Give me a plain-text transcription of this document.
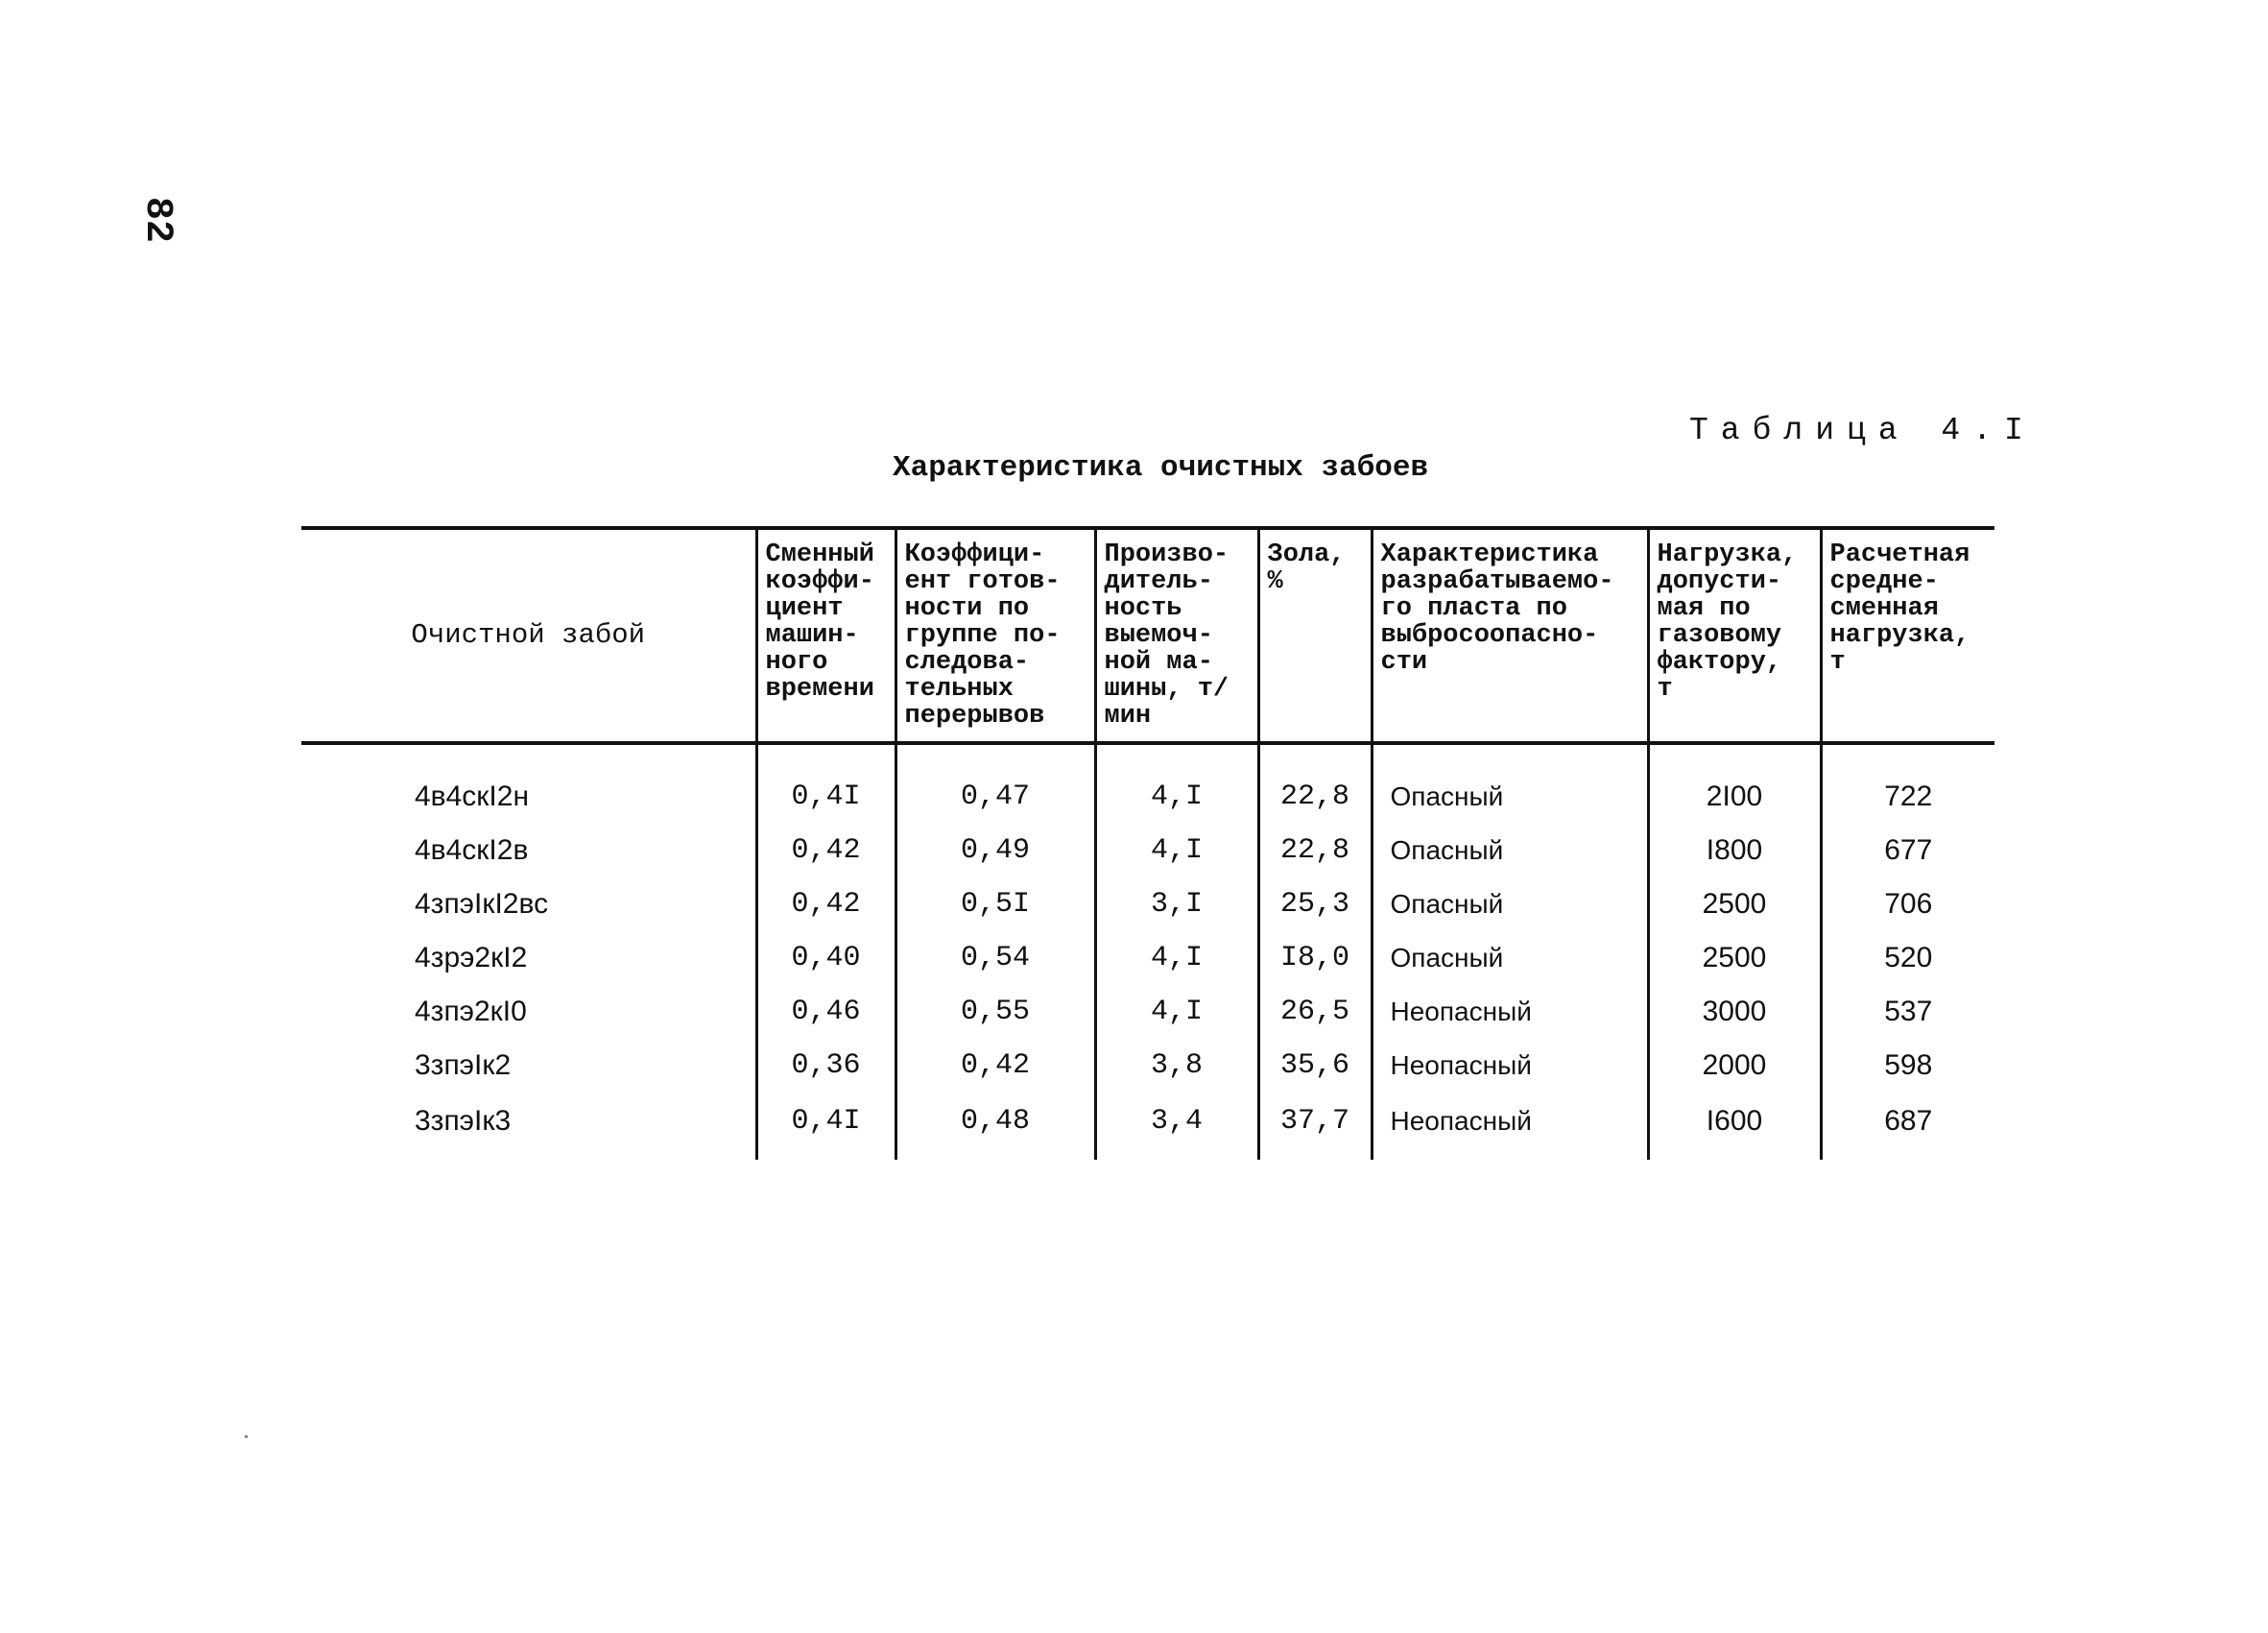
82
Таблица 4.I
Характеристика очистных забоев
Очистной забой	Сменный коэффи- циент машин- ного времени	Коэффици- ент готов- ности по группе по- следова- тельных перерывов	Произво- дитель- ность выемоч- ной ма- шины, т/мин	Зола, %	Характеристика разрабатываемо- го пласта по выбросоопасно- сти	Нагрузка, допусти- мая по газовому фактору, т	Расчетная средне- сменная нагрузка, т

4в4скI2н	0,4I	0,47	4,I	22,8	Опасный	2I00	722
4в4скI2в	0,42	0,49	4,I	22,8	Опасный	I800	677
4зпэIкI2вс	0,42	0,5I	3,I	25,3	Опасный	2500	706
4зрэ2кI2	0,40	0,54	4,I	I8,0	Опасный	2500	520
4зпэ2кI0	0,46	0,55	4,I	26,5	Неопасный	3000	537
3зпэIк2	0,36	0,42	3,8	35,6	Неопасный	2000	598
3зпэIк3	0,4I	0,48	3,4	37,7	Неопасный	I600	687
